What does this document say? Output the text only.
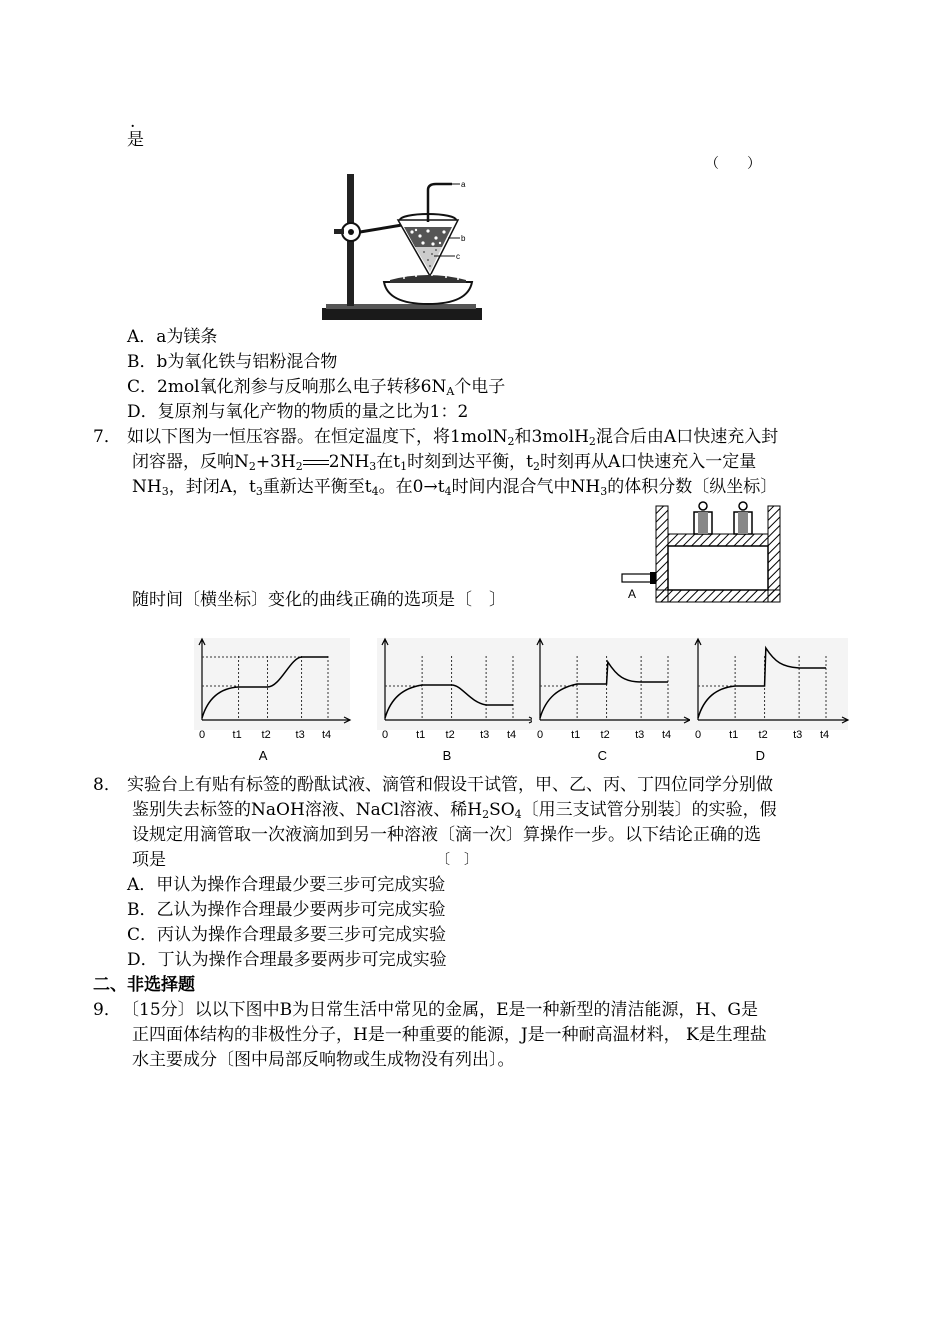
.
是
（　　）
a
b
c
A．a为镁条
B．b为氧化铁与铝粉混合物
C．2mol氧化剂参与反响那么电子转移$6N_A$个电子
D．复原剂与氧化产物的物质的量之比为1：2
7． 如以下图为一恒压容器。在恒定温度下，将1molN$_2$和3molH$_2$混合后由A口快速充入封
闭容器，反响$N_2+3H_2$ $2NH_3$在$t_1$时刻到达平衡，$t_2$时刻再从A口快速充入一定量
$NH_3$，封闭A，$t_3$重新达平衡至$t_4$。在$0\to t_4$时间内混合气中$NH_3$的体积分数〔纵坐标〕
随时间〔横坐标〕变化的曲线正确的选项是〔　〕	A
0 t1 t2 t3 t4
A
0	t1 t2 t3 t4
B
0	t1 t2 t3 t4
C
0	t1 t2 t3 t4
D
8． 实验台上有贴有标签的酚酞试液、滴管和假设干试管，甲、乙、丙、丁四位同学分别做
鉴别失去标签的NaOH溶液、NaCl溶液、稀$H_2SO_4$〔用三支试管分别装〕的实验，假
设规定用滴管取一次液滴加到另一种溶液〔滴一次〕算操作一步。以下结论正确的选
项是	〔　〕
A．甲认为操作合理最少要三步可完成实验
B．乙认为操作合理最少要两步可完成实验
C．丙认为操作合理最多要三步可完成实验
D．丁认为操作合理最多要两步可完成实验
二、非选择题
9． 〔15分〕以以下图中B为日常生活中常见的金属，E是一种新型的清洁能源，H、G是
正四面体结构的非极性分子，H是一种重要的能源，J是一种耐高温材料， K是生理盐
水主要成分〔图中局部反响物或生成物没有列出〕。
